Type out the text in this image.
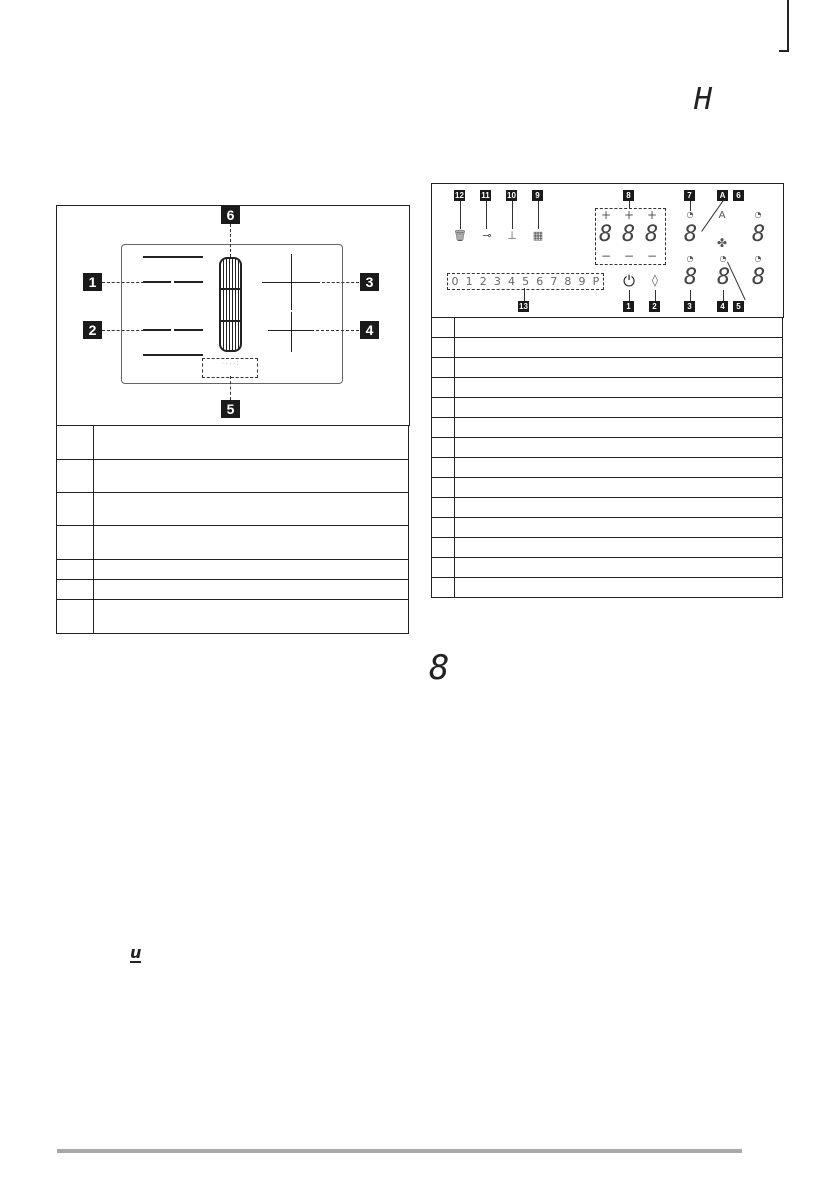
H
· · · · :
1
2
3
4
5
6

12 11 10	9	8	7	A	6
🗑	⊸	⊥ ▦
+ + +
8 8 8
− − −
◔
8
A
✤
◔
8
◔
8
◔
8
◔
8
0 1 2 3 4 5 6 7 8 9 P ⏻	◊
13	1	2	3	4	5

8
u
